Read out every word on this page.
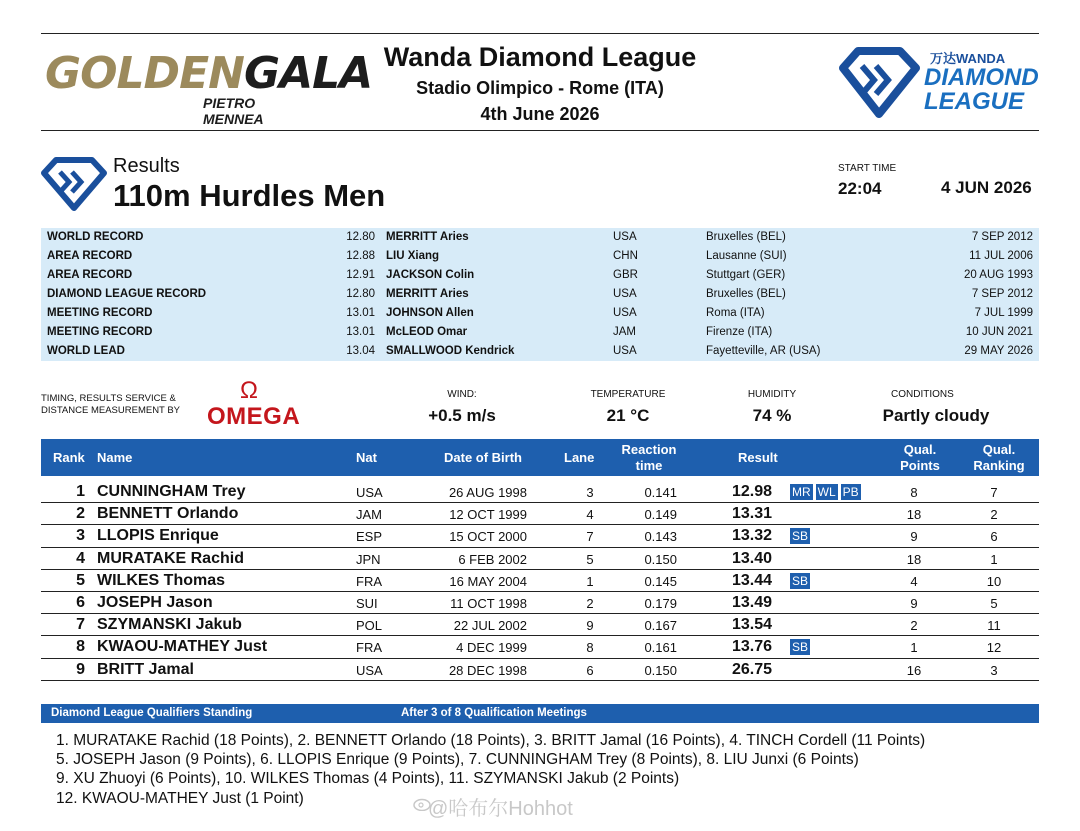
GOLDENGALA
PIETRO MENNEA
Wanda Diamond League
Stadio Olimpico - Rome (ITA)
4th June 2026
万达WANDA
DIAMOND
LEAGUE
Results
110m Hurdles Men
START TIME
22:04	4 JUN 2026
WORLD RECORD	12.80 MERRITT Aries	USA	Bruxelles (BEL)	7 SEP 2012
AREA RECORD	12.88 LIU Xiang	CHN	Lausanne (SUI)	11 JUL 2006
AREA RECORD	12.91 JACKSON Colin	GBR	Stuttgart (GER)	20 AUG 1993
DIAMOND LEAGUE RECORD	12.80 MERRITT Aries	USA	Bruxelles (BEL)	7 SEP 2012
MEETING RECORD	13.01 JOHNSON Allen	USA	Roma (ITA)	7 JUL 1999
MEETING RECORD	13.01 McLEOD Omar	JAM	Firenze (ITA)	10 JUN 2021
WORLD LEAD	13.04 SMALLWOOD Kendrick	USA	Fayetteville, AR (USA)	29 MAY 2026
TIMING, RESULTS SERVICE &
DISTANCE MEASUREMENT BY
Ω
OMEGA
WIND:
+0.5 m/s
TEMPERATURE
21 °C
HUMIDITY
74 %
CONDITIONS
Partly cloudy
Rank Name	Nat	Date of Birth	Lane
Reaction
time
Result
Qual.
Points
Qual.
Ranking
1 CUNNINGHAM Trey	USA	26 AUG 1998	3	0.141	12.98	8	7
MR WL PB
2 BENNETT Orlando	JAM	12 OCT 1999	4	0.149	13.31	18	2
3 LLOPIS Enrique	ESP	15 OCT 2000	7	0.143	13.32	9	6
SB
4 MURATAKE Rachid	JPN	6 FEB 2002	5	0.150	13.40	18	1
5 WILKES Thomas	FRA	16 MAY 2004	1	0.145	13.44	4	10
SB
6 JOSEPH Jason	SUI	11 OCT 1998	2	0.179	13.49	9	5
7 SZYMANSKI Jakub	POL	22 JUL 2002	9	0.167	13.54	2	11
8 KWAOU-MATHEY Just	FRA	4 DEC 1999	8	0.161	13.76	1	12
SB
9 BRITT Jamal	USA	28 DEC 1998	6	0.150	26.75	16	3
Diamond League Qualifiers Standing	After 3 of 8 Qualification Meetings
1. MURATAKE Rachid (18 Points), 2. BENNETT Orlando (18 Points), 3. BRITT Jamal (16 Points), 4. TINCH Cordell (11 Points)
5. JOSEPH Jason (9 Points), 6. LLOPIS Enrique (9 Points), 7. CUNNINGHAM Trey (8 Points), 8. LIU Junxi (6 Points)
9. XU Zhuoyi (6 Points), 10. WILKES Thomas (4 Points), 11. SZYMANSKI Jakub (2 Points)
12. KWAOU-MATHEY Just (1 Point)	@哈布尔Hohhot
